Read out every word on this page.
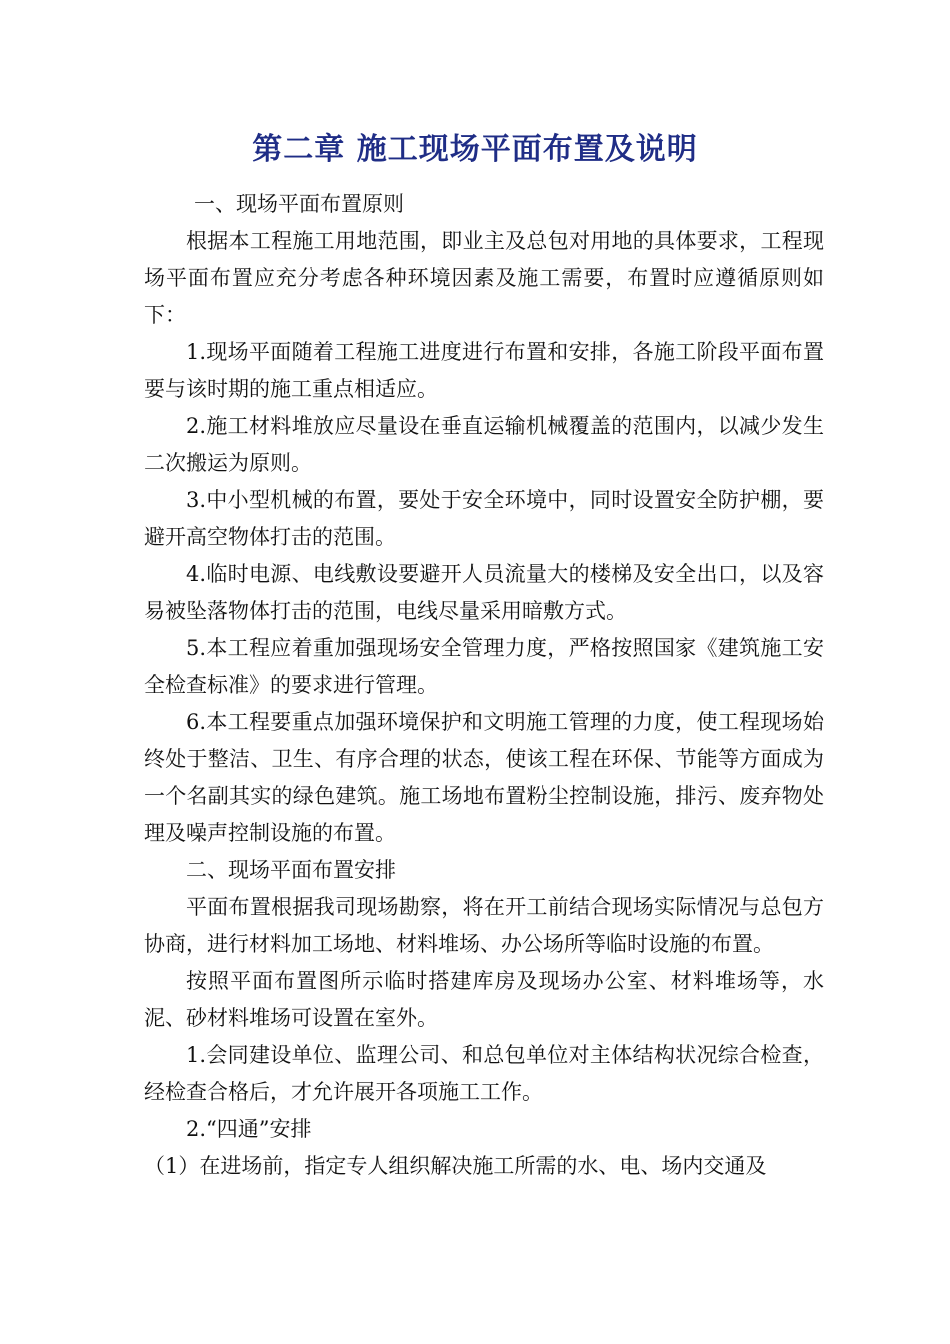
第二章 施工现场平面布置及说明

一、现场平面布置原则

根据本工程施工用地范围，即业主及总包对用地的具体要求，工程现场平面布置应充分考虑各种环境因素及施工需要，布置时应遵循原则如下：

1.现场平面随着工程施工进度进行布置和安排，各施工阶段平面布置要与该时期的施工重点相适应。

2.施工材料堆放应尽量设在垂直运输机械覆盖的范围内，以减少发生二次搬运为原则。

3.中小型机械的布置，要处于安全环境中，同时设置安全防护棚，要避开高空物体打击的范围。

4.临时电源、电线敷设要避开人员流量大的楼梯及安全出口，以及容易被坠落物体打击的范围，电线尽量采用暗敷方式。

5.本工程应着重加强现场安全管理力度，严格按照国家《建筑施工安全检查标准》的要求进行管理。

6.本工程要重点加强环境保护和文明施工管理的力度，使工程现场始终处于整洁、卫生、有序合理的状态，使该工程在环保、节能等方面成为一个名副其实的绿色建筑。施工场地布置粉尘控制设施，排污、废弃物处理及噪声控制设施的布置。

二、现场平面布置安排

平面布置根据我司现场勘察，将在开工前结合现场实际情况与总包方协商，进行材料加工场地、材料堆场、办公场所等临时设施的布置。

按照平面布置图所示临时搭建库房及现场办公室、材料堆场等，水泥、砂材料堆场可设置在室外。

1.会同建设单位、监理公司、和总包单位对主体结构状况综合检查，经检查合格后，才允许展开各项施工工作。

2.“四通”安排

（1）在进场前，指定专人组织解决施工所需的水、电、场内交通及
